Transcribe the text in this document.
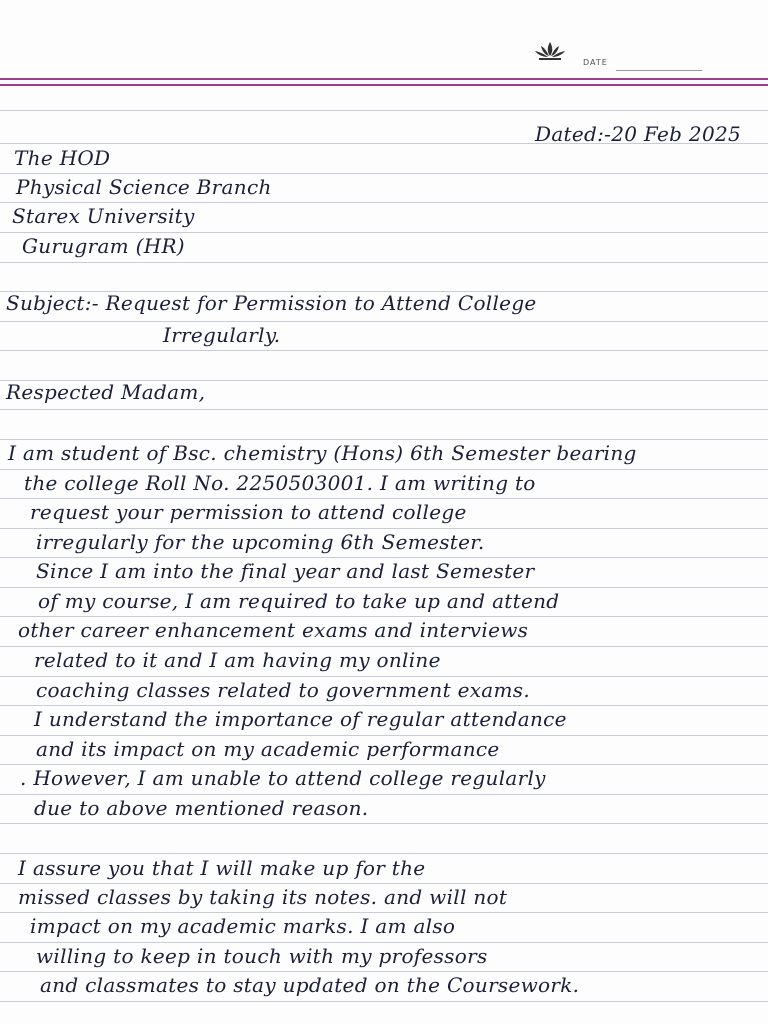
DATE
Dated:-20 Feb 2025
The HOD
Physical Science Branch
Starex University
Gurugram (HR)
Subject:- Request for Permission to Attend College
Irregularly.
Respected Madam,
I am student of Bsc. chemistry (Hons) 6th Semester bearing
the college Roll No. 2250503001. I am writing to
request your permission to attend college
irregularly for the upcoming 6th Semester.
Since I am into the final year and last Semester
of my course, I am required to take up and attend
other career enhancement exams and interviews
related to it and I am having my online
coaching classes related to government exams.
I understand the importance of regular attendance
and its impact on my academic performance
. However, I am unable to attend college regularly
due to above mentioned reason.
I assure you that I will make up for the
missed classes by taking its notes. and will not
impact on my academic marks. I am also
willing to keep in touch with my professors
and classmates to stay updated on the Coursework.
